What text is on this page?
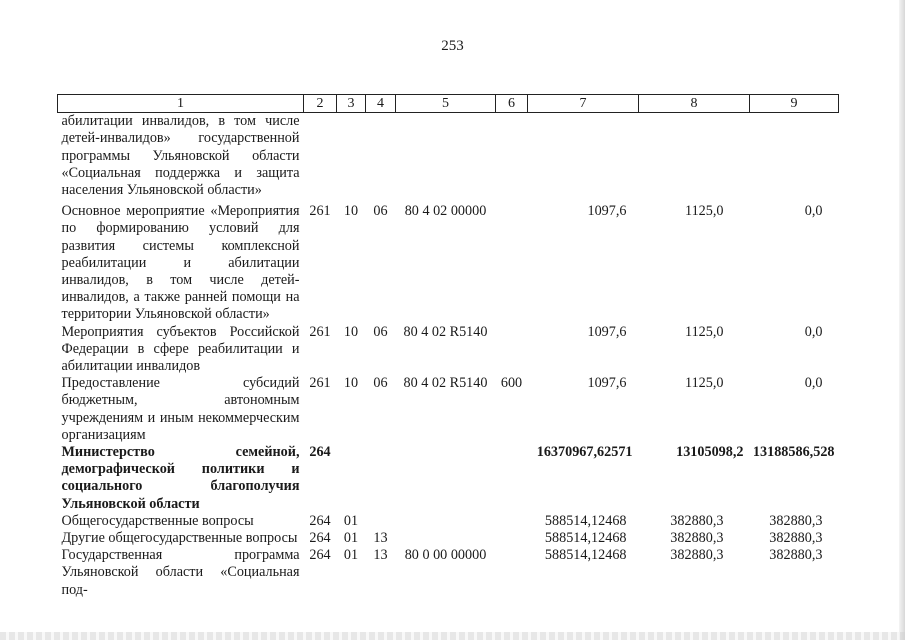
253
1	2	3	4	5	6	7	8	9
абилитации инвалидов, в том числе детей-инвалидов» государственной программы Ульяновской области «Социальная поддержка и защита населения Ульяновской области»								
Основное мероприятие «Мероприятия по формированию условий для развития системы комплексной реабилитации и абилитации инвалидов, в том числе детей-инвалидов, а также ранней помощи на территории Ульяновской области»	261	10	06	80 4 02 00000		1097,6	1125,0	0,0
Мероприятия субъектов Российской Федерации в сфере реабилитации и абилитации инвалидов	261	10	06	80 4 02 R5140		1097,6	1125,0	0,0
Предоставление субсидий бюджетным, автономным учреждениям и иным некоммерческим организациям	261	10	06	80 4 02 R5140	600	1097,6	1125,0	0,0
Министерство семейной, демографической политики и социального благополучия Ульяновской области	264					16370967,62571	13105098,2	13188586,528
Общегосударственные вопросы	264	01				588514,12468	382880,3	382880,3
Другие общегосударственные вопросы	264	01	13			588514,12468	382880,3	382880,3
Государственная программа Ульяновской области «Социальная под-	264	01	13	80 0 00 00000		588514,12468	382880,3	382880,3
